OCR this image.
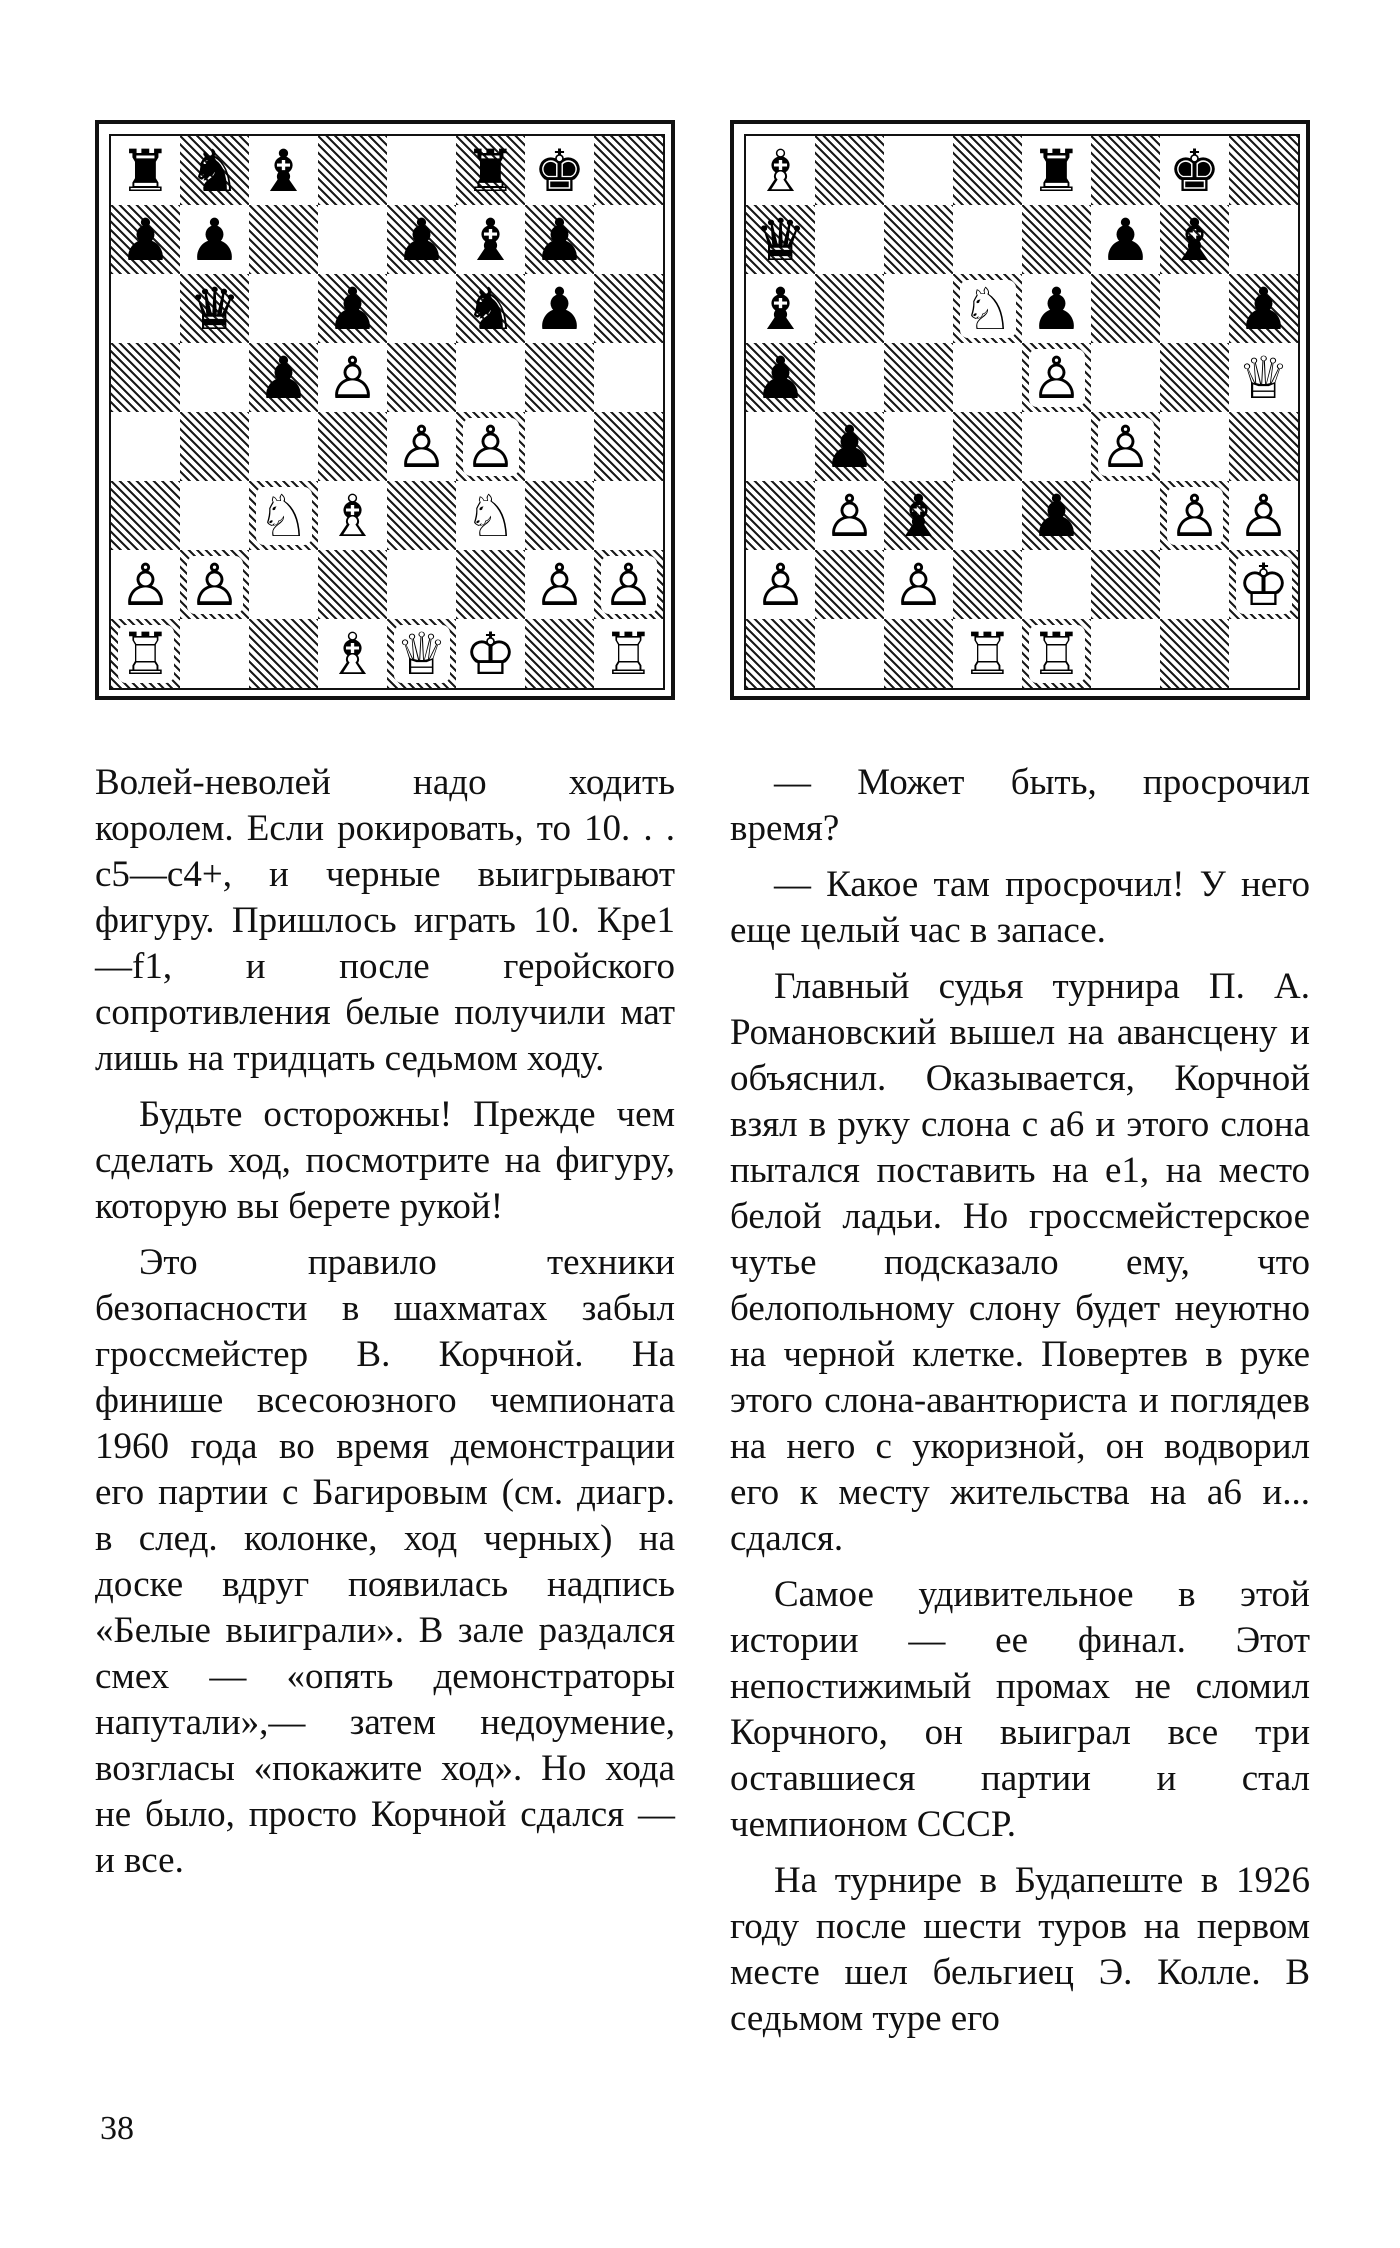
♜ ♞ ♝	♜ ♚
♟ ♟	♟ ♝ ♟
♛ ♟ ♞ ♟
♟ ♙
♙ ♙
♘ ♗ ♘
♙ ♙	♙ ♙
♖	♗ ♕ ♔ ♖
♗	♜ ♚
♛	♟ ♝
♝	♘ ♟	♟
♟	♙	♕
♟	♙
♙ ♝ ♟ ♙ ♙
♙ ♙	♔
♖ ♖

Волей-неволей надо ходить королем. Если рокировать, то 10. . . c5—c4+, и черные выигрывают фигуру. Пришлось играть 10. Крe1—f1, и после геройского сопротивления белые получили мат лишь на тридцать седьмом ходу.

Будьте осторожны! Прежде чем сделать ход, посмотрите на фигуру, которую вы берете рукой!

Это правило техники безопасности в шахматах забыл гроссмейстер В. Корчной. На финише всесоюзного чемпионата 1960 года во время демонстрации его партии с Багировым (см. диагр. в след. колонке, ход черных) на доске вдруг появилась надпись «Белые выиграли». В зале раздался смех — «опять демонстраторы напутали»,— затем недоумение, возгласы «покажите ход». Но хода не было, просто Корчной сдался — и все.

— Может быть, просрочил время?

— Какое там просрочил! У него еще целый час в запасе.

Главный судья турнира П. А. Романовский вышел на авансцену и объяснил. Оказывается, Корчной взял в руку слона с a6 и этого слона пытался поставить на e1, на место белой ладьи. Но гроссмейстерское чутье подсказало ему, что белопольному слону будет неуютно на черной клетке. Повертев в руке этого слона-авантюриста и поглядев на него с укоризной, он водворил его к месту жительства на a6 и... сдался.

Самое удивительное в этой истории — ее финал. Этот непостижимый промах не сломил Корчного, он выиграл все три оставшиеся партии и стал чемпионом СССР.

На турнире в Будапеште в 1926 году после шести туров на первом месте шел бельгиец Э. Колле. В седьмом туре его

38
